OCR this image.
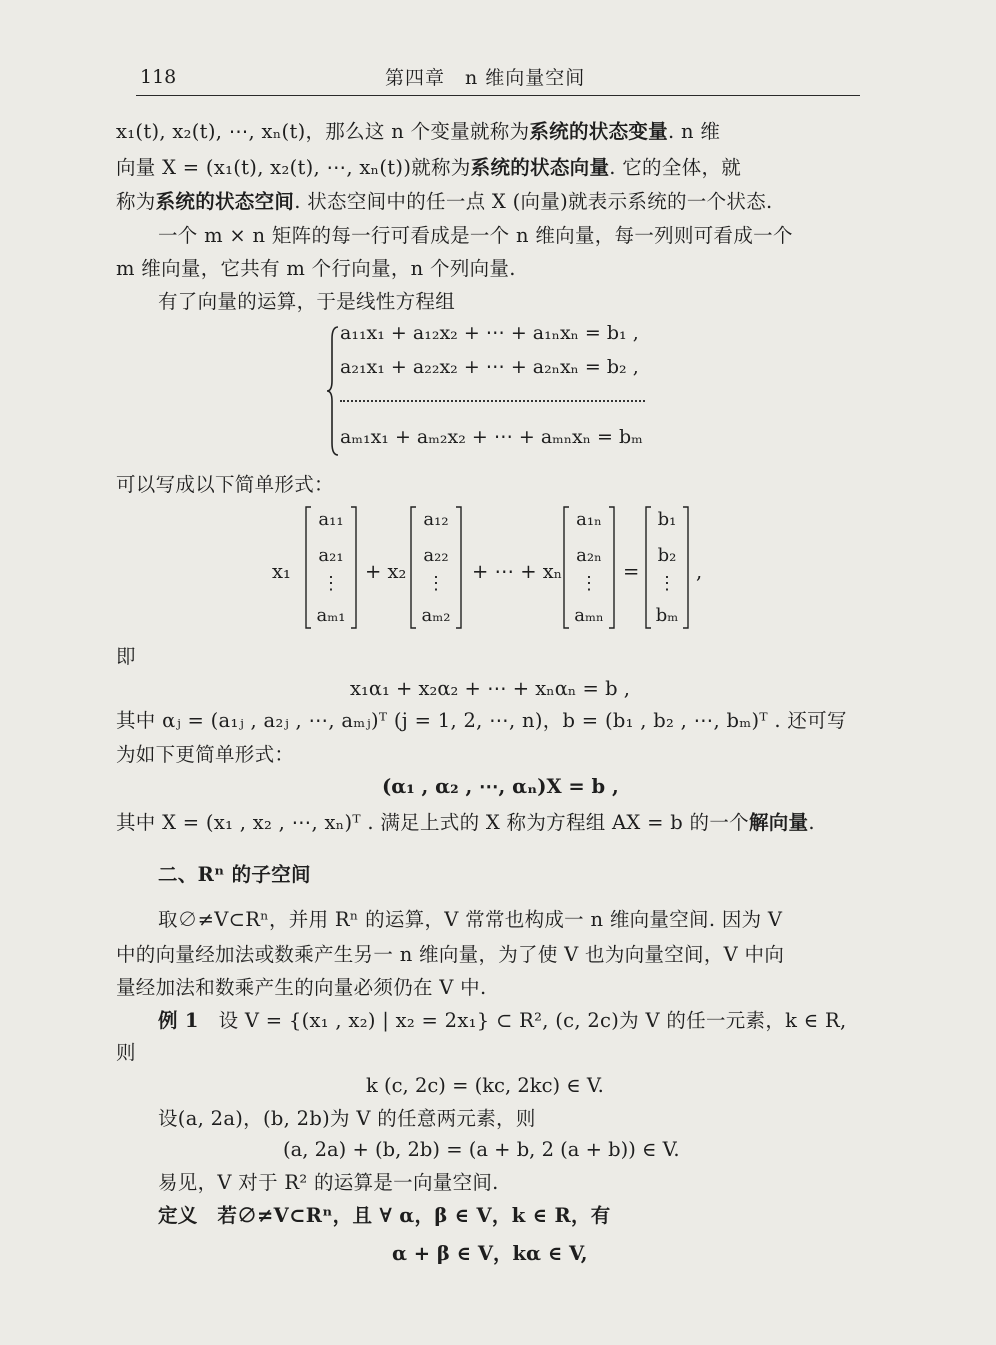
118	第四章　n 维向量空间
x₁(t), x₂(t), ⋯, xₙ(t)，那么这 n 个变量就称为系统的状态变量. n 维
向量 X = (x₁(t), x₂(t), ⋯, xₙ(t))就称为系统的状态向量. 它的全体，就
称为系统的状态空间. 状态空间中的任一点 X (向量)就表示系统的一个状态.
一个 m × n 矩阵的每一行可看成是一个 n 维向量，每一列则可看成一个
m 维向量，它共有 m 个行向量，n 个列向量.
有了向量的运算，于是线性方程组
a₁₁x₁ + a₁₂x₂ + ⋯ + a₁ₙxₙ = b₁ ,
a₂₁x₁ + a₂₂x₂ + ⋯ + a₂ₙxₙ = b₂ ,
aₘ₁x₁ + aₘ₂x₂ + ⋯ + aₘₙxₙ = bₘ
可以写成以下简单形式：
x₁
a₁₁
a₂₁
⋮
aₘ₁
+ x₂
a₁₂
a₂₂
⋮
aₘ₂
+ ⋯ + xₙ
a₁ₙ
a₂ₙ
⋮
aₘₙ
=
b₁
b₂
⋮
bₘ
,
即
x₁α₁ + x₂α₂ + ⋯ + xₙαₙ = b ,
其中 αⱼ = (a₁ⱼ , a₂ⱼ , ⋯, aₘⱼ)ᵀ (j = 1, 2, ⋯, n)，b = (b₁ , b₂ , ⋯, bₘ)ᵀ . 还可写
为如下更简单形式：
(α₁ , α₂ , ⋯, αₙ)X = b ,
其中 X = (x₁ , x₂ , ⋯, xₙ)ᵀ . 满足上式的 X 称为方程组 AX = b 的一个解向量.
二、Rⁿ 的子空间
取∅≠V⊂Rⁿ，并用 Rⁿ 的运算，V 常常也构成一 n 维向量空间. 因为 V
中的向量经加法或数乘产生另一 n 维向量，为了使 V 也为向量空间，V 中向
量经加法和数乘产生的向量必须仍在 V 中.
例 1　 设 V = {(x₁ , x₂) | x₂ = 2x₁} ⊂ R², (c, 2c)为 V 的任一元素，k ∈ R,
则
k (c, 2c) = (kc, 2kc) ∈ V.
设(a, 2a)，(b, 2b)为 V 的任意两元素，则
(a, 2a) + (b, 2b) = (a + b, 2 (a + b)) ∈ V.
易见，V 对于 R² 的运算是一向量空间.
定义　 若∅≠V⊂Rⁿ，且 ∀ α，β ∈ V，k ∈ R，有
α + β ∈ V，kα ∈ V,
